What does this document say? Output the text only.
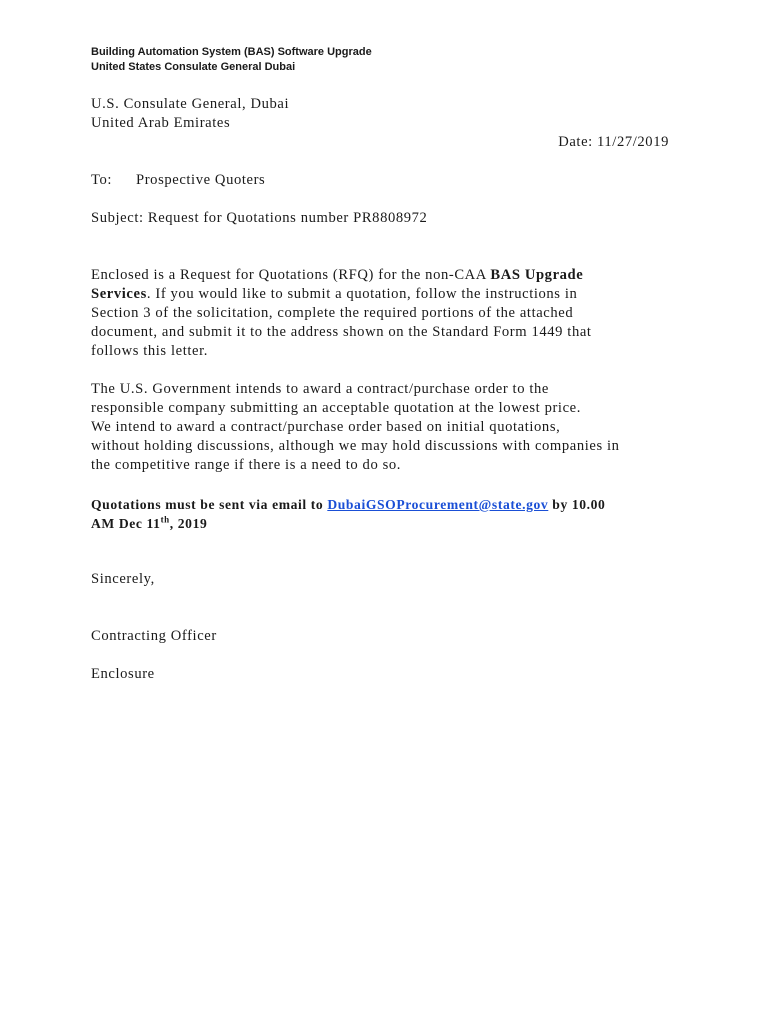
Building Automation System (BAS) Software Upgrade
United States Consulate General Dubai
U.S. Consulate General, Dubai
United Arab Emirates
Date: 11/27/2019
To: Prospective Quoters
Subject: Request for Quotations number PR8808972
Enclosed is a Request for Quotations (RFQ) for the non-CAA BAS Upgrade
Services. If you would like to submit a quotation, follow the instructions in
Section 3 of the solicitation, complete the required portions of the attached
document, and submit it to the address shown on the Standard Form 1449 that
follows this letter.
The U.S. Government intends to award a contract/purchase order to the
responsible company submitting an acceptable quotation at the lowest price.
We intend to award a contract/purchase order based on initial quotations,
without holding discussions, although we may hold discussions with companies in
the competitive range if there is a need to do so.
Quotations must be sent via email to DubaiGSOProcurement@state.gov by 10.00
AM Dec 11th, 2019
Sincerely,
Contracting Officer
Enclosure
